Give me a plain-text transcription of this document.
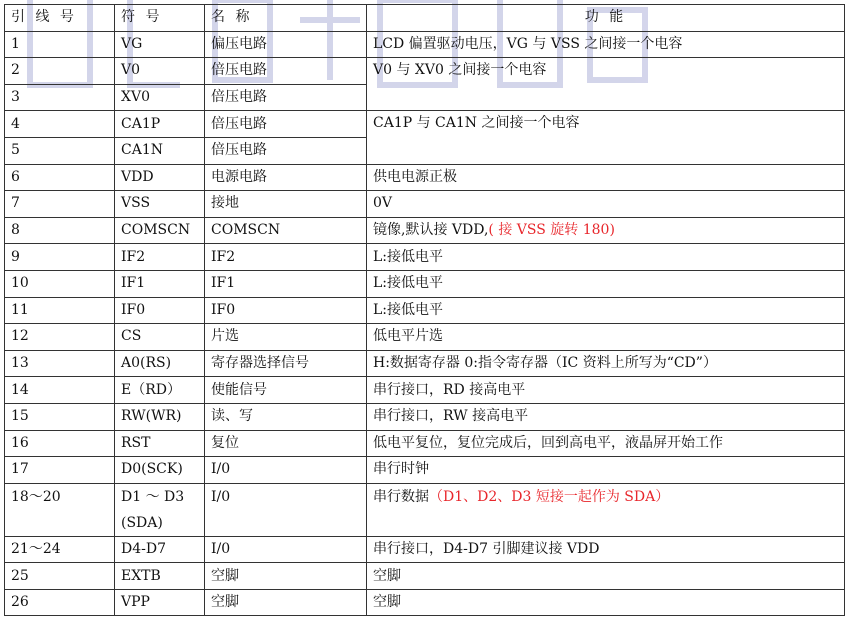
引 线 号	符 号	名 称	功 能
1	VG	偏压电路	LCD 偏置驱动电压，VG 与 VSS 之间接一个电容
2	V0	倍压电路	V0 与 XV0 之间接一个电容
3	XV0	倍压电路	
4	CA1P	倍压电路	CA1P 与 CA1N 之间接一个电容
5	CA1N	倍压电路	
6	VDD	电源电路	供电电源正极
7	VSS	接地	0V
8	COMSCN	COMSCN	镜像,默认接 VDD,( 接 VSS 旋转 180)
9	IF2	IF2	L:接低电平
10	IF1	IF1	L:接低电平
11	IF0	IF0	L:接低电平
12	CS	片选	低电平片选
13	A0(RS)	寄存器选择信号	H:数据寄存器 0:指令寄存器（IC 资料上所写为“CD”）
14	E（RD）	使能信号	串行接口，RD 接高电平
15	RW(WR)	读、写	串行接口，RW 接高电平
16	RST	复位	低电平复位，复位完成后，回到高电平，液晶屏开始工作
17	D0(SCK)	I/0	串行时钟
18～20	D1 ～ D3 (SDA)	I/0	串行数据（D1、D2、D3 短接一起作为 SDA）
21～24	D4-D7	I/0	串行接口，D4-D7 引脚建议接 VDD
25	EXTB	空脚	空脚
26	VPP	空脚	空脚
